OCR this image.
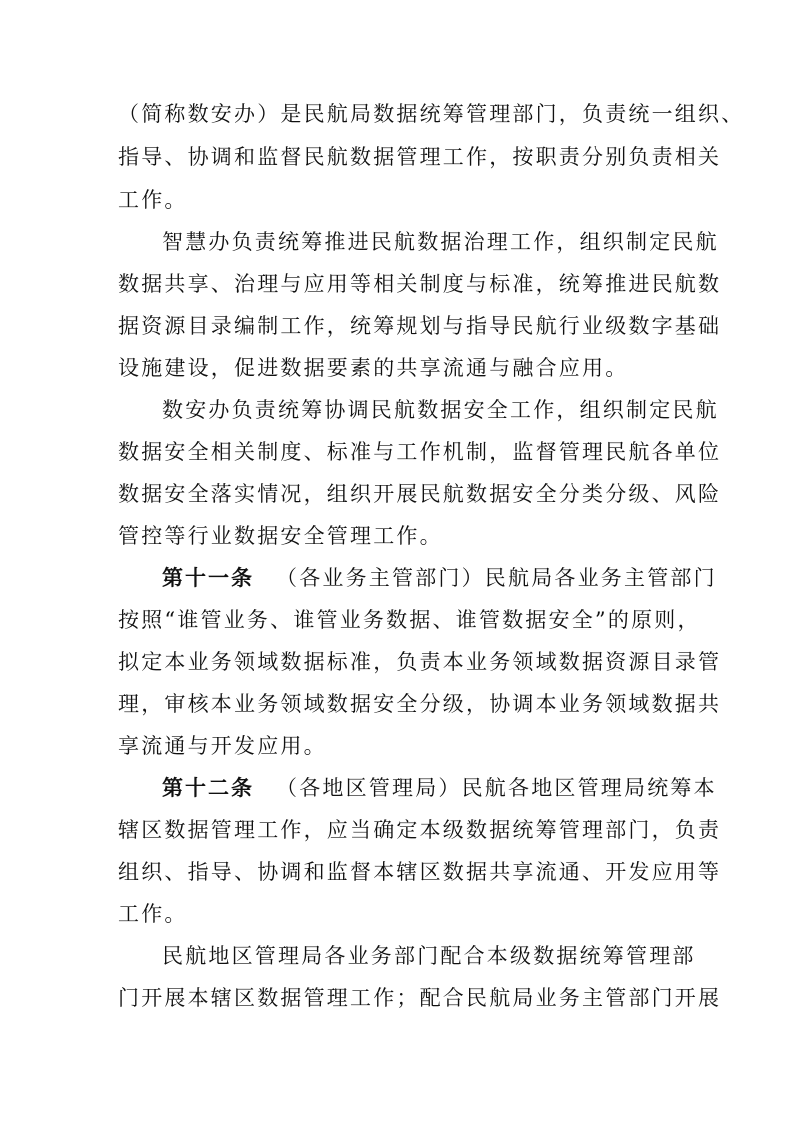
（简称数安办）是民航局数据统筹管理部门，负责统一组织、
指导、协调和监督民航数据管理工作，按职责分别负责相关
工作。
智慧办负责统筹推进民航数据治理工作，组织制定民航
数据共享、治理与应用等相关制度与标准，统筹推进民航数
据资源目录编制工作，统筹规划与指导民航行业级数字基础
设施建设，促进数据要素的共享流通与融合应用。
数安办负责统筹协调民航数据安全工作，组织制定民航
数据安全相关制度、标准与工作机制，监督管理民航各单位
数据安全落实情况，组织开展民航数据安全分类分级、风险
管控等行业数据安全管理工作。
第十一条 （各业务主管部门）民航局各业务主管部门
按照“谁管业务、谁管业务数据、谁管数据安全”的原则，
拟定本业务领域数据标准，负责本业务领域数据资源目录管
理，审核本业务领域数据安全分级，协调本业务领域数据共
享流通与开发应用。
第十二条 （各地区管理局）民航各地区管理局统筹本
辖区数据管理工作，应当确定本级数据统筹管理部门，负责
组织、指导、协调和监督本辖区数据共享流通、开发应用等
工作。
民航地区管理局各业务部门配合本级数据统筹管理部
门开展本辖区数据管理工作；配合民航局业务主管部门开展
